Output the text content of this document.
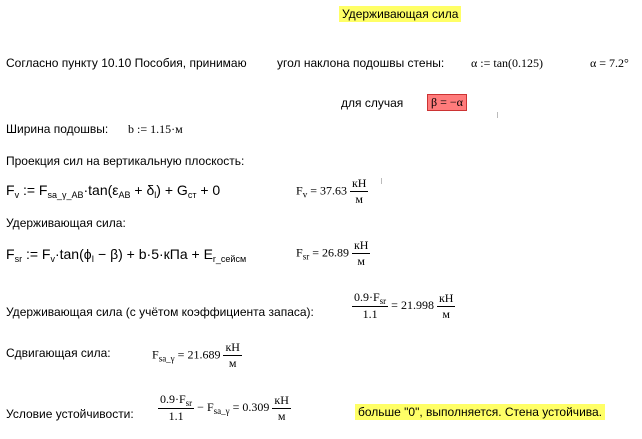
Удерживающая сила
Согласно пункту 10.10 Пособия, принимаю	угол наклона подошвы стены: α := tan(0.125)	α = 7.2°
для случая	β = −α
Ширина подошвы: b := 1.15·м
Проекция сил на вертикальную плоскость:
$F_v$ := $F_{sa\_\gamma\_AB}\cdot\tan(\varepsilon_{AB} + \delta_l) + G_{ст} + 0$	$F_v = 37.63 \frac{кН}{м}$
Удерживающая сила:
$F_{sr}$ := $F_v\cdot\tan(\phi_I - \beta) + b\cdot 5\cdot кПа + E_{r\_сейсм}$	$F_{sr} = 26.89 \frac{кН}{м}$
Удерживающая сила (с учётом коэффициента запаса):	$\frac{0.9\cdot F_{sr}}{1.1} = 21.998 \frac{кН}{м}$
Сдвигающая сила:	$F_{sa\_\gamma} = 21.689 \frac{кН}{м}$
Условие устойчивости: $\frac{0.9\cdot F_{sr}}{1.1} - F_{sa\_\gamma} = 0.309 \frac{кН}{м}$	больше "0", выполняется. Стена устойчива.
